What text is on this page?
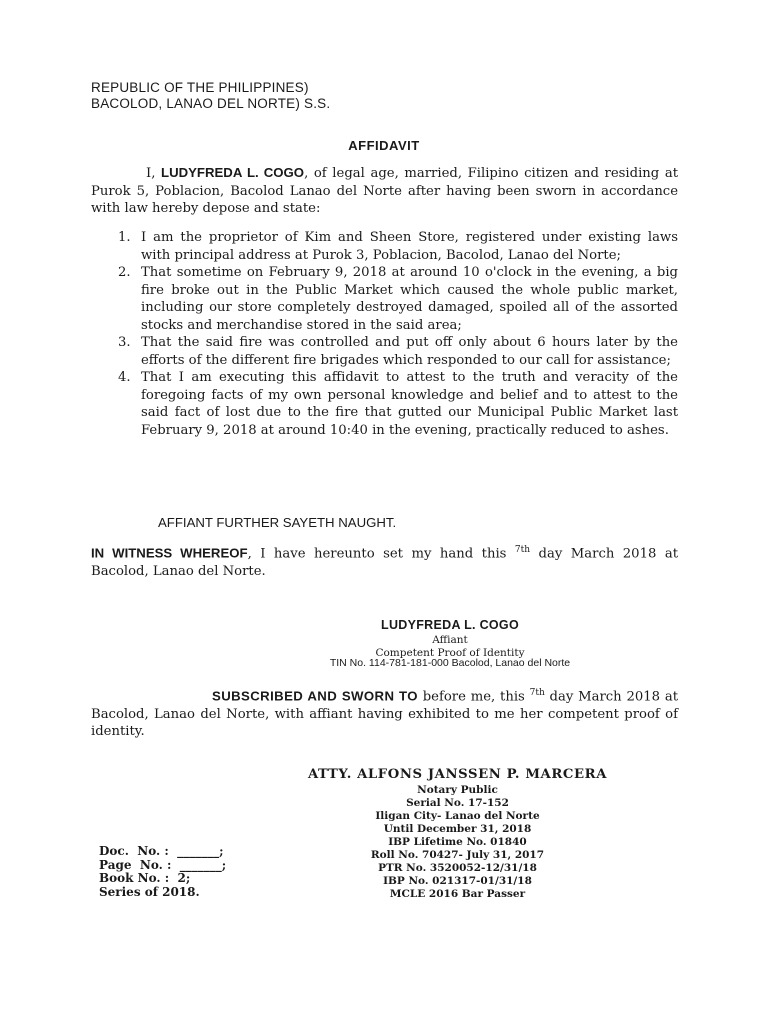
REPUBLIC OF THE PHILIPPINES)
BACOLOD, LANAO DEL NORTE) S.S.
AFFIDAVIT
I, LUDYFREDA L. COGO, of legal age, married, Filipino citizen and residing at Purok 5, Poblacion, Bacolod Lanao del Norte after having been sworn in accordance with law hereby depose and state:
1. I am the proprietor of Kim and Sheen Store, registered under existing laws with principal address at Purok 3, Poblacion, Bacolod, Lanao del Norte;
2. That sometime on February 9, 2018 at around 10 o'clock in the evening, a big fire broke out in the Public Market which caused the whole public market, including our store completely destroyed damaged, spoiled all of the assorted stocks and merchandise stored in the said area;
3. That the said fire was controlled and put off only about 6 hours later by the efforts of the different fire brigades which responded to our call for assistance;
4. That I am executing this affidavit to attest to the truth and veracity of the foregoing facts of my own personal knowledge and belief and to attest to the said fact of lost due to the fire that gutted our Municipal Public Market last February 9, 2018 at around 10:40 in the evening, practically reduced to ashes.
AFFIANT FURTHER SAYETH NAUGHT.
IN WITNESS WHEREOF, I have hereunto set my hand this $^{7th}$ day March 2018 at Bacolod, Lanao del Norte.
LUDYFREDA L. COGO
Affiant
Competent Proof of Identity
TIN No. 114-781-181-000 Bacolod, Lanao del Norte
SUBSCRIBED AND SWORN TO before me, this $^{7th}$ day March 2018 at Bacolod, Lanao del Norte, with affiant having exhibited to me her competent proof of identity.
ATTY. ALFONS JANSSEN P. MARCERA
Notary Public
Serial No. 17-152
Iligan City- Lanao del Norte
Until December 31, 2018
IBP Lifetime No. 01840
Roll No. 70427- July 31, 2017
PTR No. 3520052-12/31/18
IBP No. 021317-01/31/18
MCLE 2016 Bar Passer
Doc.  No. :  _______;
Page  No. :  _______;
Book No. :  2;
Series of 2018.
